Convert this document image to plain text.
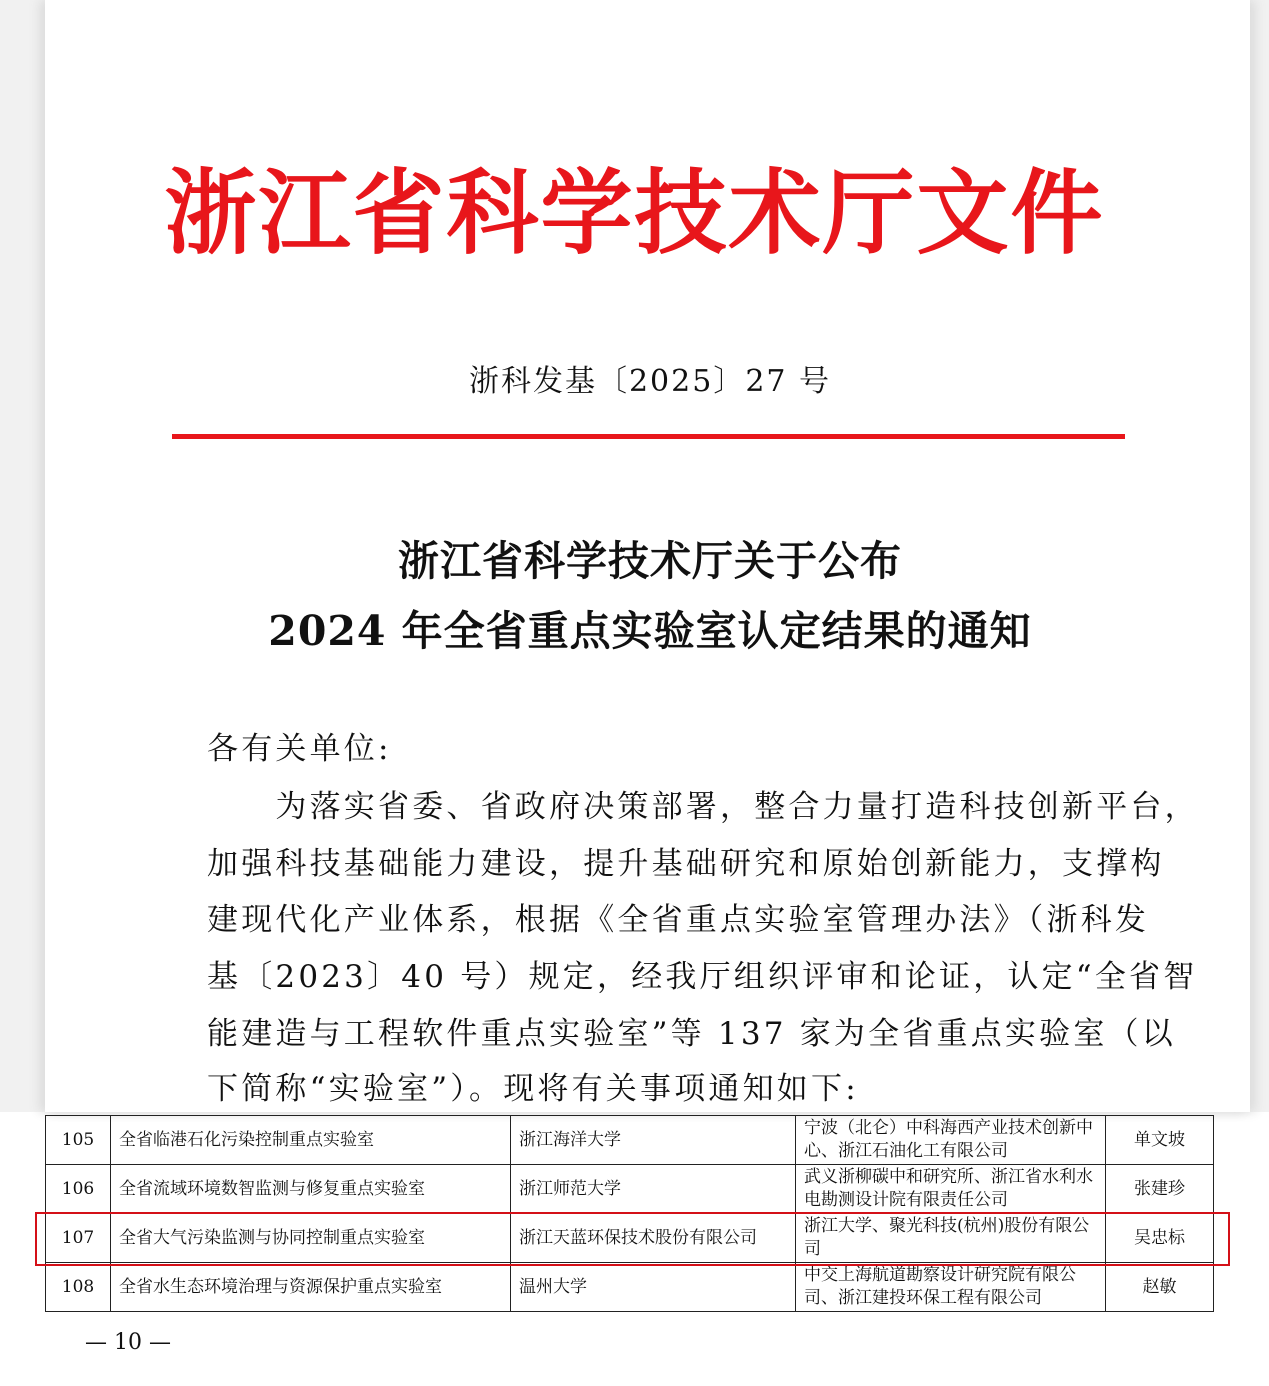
浙江省科学技术厅文件
浙科发基〔2025〕27 号
浙江省科学技术厅关于公布
2024 年全省重点实验室认定结果的通知
各有关单位:
　　为落实省委、省政府决策部署，整合力量打造科技创新平台，
加强科技基础能力建设，提升基础研究和原始创新能力，支撑构
建现代化产业体系，根据《全省重点实验室管理办法》（浙科发
基〔2023〕40 号）规定，经我厅组织评审和论证，认定“全省智
能建造与工程软件重点实验室”等 137 家为全省重点实验室（以
下简称“实验室”）。现将有关事项通知如下:
105	全省临港石化污染控制重点实验室	浙江海洋大学	宁波（北仑）中科海西产业技术创新中心、浙江石油化工有限公司	单文坡
106	全省流域环境数智监测与修复重点实验室	浙江师范大学	武义浙柳碳中和研究所、浙江省水利水电勘测设计院有限责任公司	张建珍
107	全省大气污染监测与协同控制重点实验室	浙江天蓝环保技术股份有限公司	浙江大学、聚光科技(杭州)股份有限公司	吴忠标
108	全省水生态环境治理与资源保护重点实验室	温州大学	中交上海航道勘察设计研究院有限公司、浙江建投环保工程有限公司	赵敏
— 10 —
